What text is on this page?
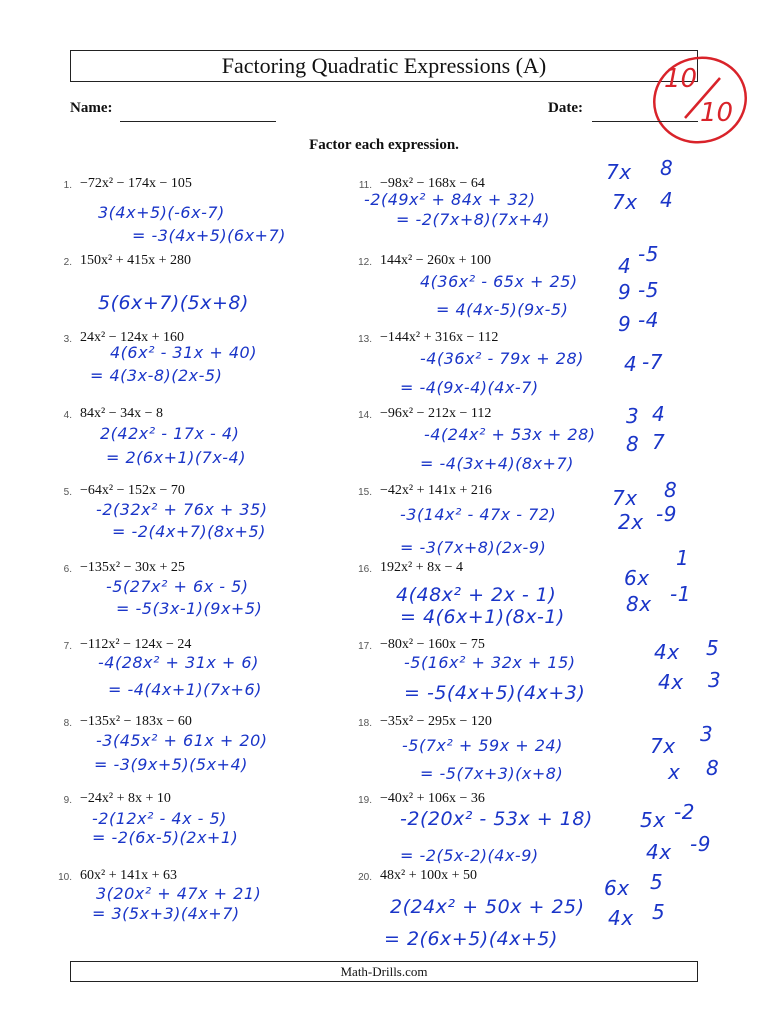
Factoring Quadratic Expressions (A)	10
10
Name:	Date:
Factor each expression.
1. −72x² − 174x − 105
3(4x+5)(-6x-7)
= -3(4x+5)(6x+7)
2. 150x² + 415x + 280
5(6x+7)(5x+8)
3. 24x² − 124x + 160
4(6x² - 31x + 40)
= 4(3x-8)(2x-5)
4. 84x² − 34x − 8
2(42x² - 17x - 4)
= 2(6x+1)(7x-4)
5. −64x² − 152x − 70
-2(32x² + 76x + 35)
= -2(4x+7)(8x+5)
6. −135x² − 30x + 25
-5(27x² + 6x - 5)
= -5(3x-1)(9x+5)
7. −112x² − 124x − 24
-4(28x² + 31x + 6)
= -4(4x+1)(7x+6)
8. −135x² − 183x − 60
-3(45x² + 61x + 20)
= -3(9x+5)(5x+4)
9. −24x² + 8x + 10
-2(12x² - 4x - 5)
= -2(6x-5)(2x+1)
10. 60x² + 141x + 63
3(20x² + 47x + 21)
= 3(5x+3)(4x+7)
11. −98x² − 168x − 64
-2(49x² + 84x + 32)
= -2(7x+8)(7x+4)
12. 144x² − 260x + 100
4(36x² - 65x + 25)
= 4(4x-5)(9x-5)
13. −144x² + 316x − 112
-4(36x² - 79x + 28)
= -4(9x-4)(4x-7)
14. −96x² − 212x − 112
-4(24x² + 53x + 28)
= -4(3x+4)(8x+7)
15. −42x² + 141x + 216
-3(14x² - 47x - 72)
= -3(7x+8)(2x-9)
16. 192x² + 8x − 4
4(48x² + 2x - 1)
= 4(6x+1)(8x-1)
17. −80x² − 160x − 75
-5(16x² + 32x + 15)
= -5(4x+5)(4x+3)
18. −35x² − 295x − 120
-5(7x² + 59x + 24)
= -5(7x+3)(x+8)
19. −40x² + 106x − 36
-2(20x² - 53x + 18)
= -2(5x-2)(4x-9)
20. 48x² + 100x + 50
2(24x² + 50x + 25)
= 2(6x+5)(4x+5)
7x 8
7x 4
4 -5
9 -5
9 -4
4 -7
3 4
8 7
7x 8
2x -9
6x
1
8x -1
4x 5
4x 3
7x 3
x 8
5x -2
4x -9
6x 5
4x 5
Math-Drills.com
